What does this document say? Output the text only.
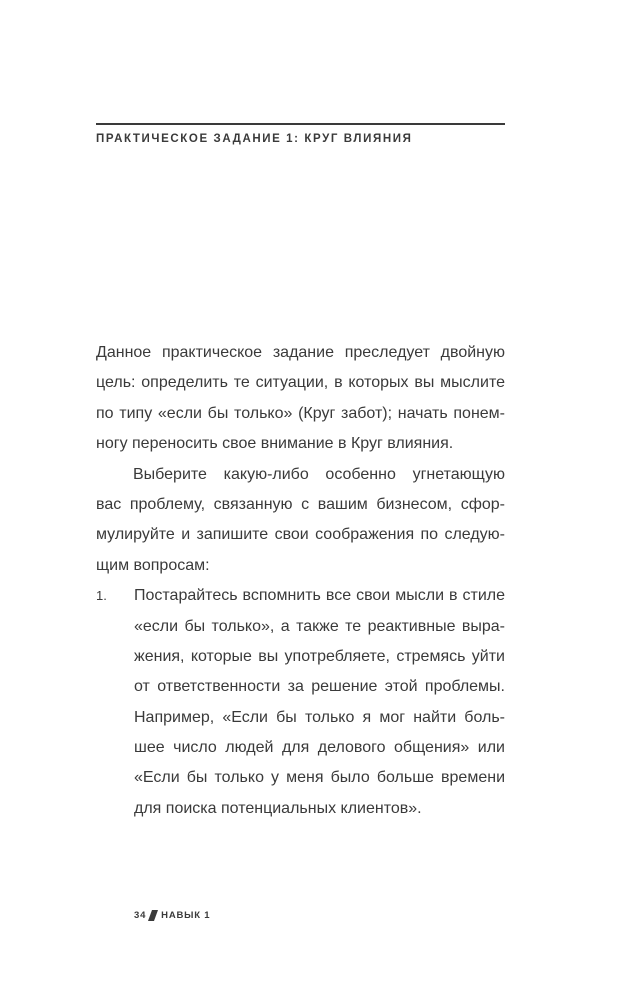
ПРАКТИЧЕСКОЕ ЗАДАНИЕ 1: КРУГ ВЛИЯНИЯ
Данное практическое задание преследует двойную
цель: определить те ситуации, в которых вы мыслите
по типу «если бы только» (Круг забот); начать понем-
ногу переносить свое внимание в Круг влияния.
Выберите какую-либо особенно угнетающую
вас проблему, связанную с вашим бизнесом, сфор-
мулируйте и запишите свои соображения по следую-
щим вопросам:
1. Постарайтесь вспомнить все свои мысли в стиле
«если бы только», а также те реактивные выра-
жения, которые вы употребляете, стремясь уйти
от ответственности за решение этой проблемы.
Например, «Если бы только я мог найти боль-
шее число людей для делового общения» или
«Если бы только у меня было больше времени
для поиска потенциальных клиентов».
34 НАВЫК 1
